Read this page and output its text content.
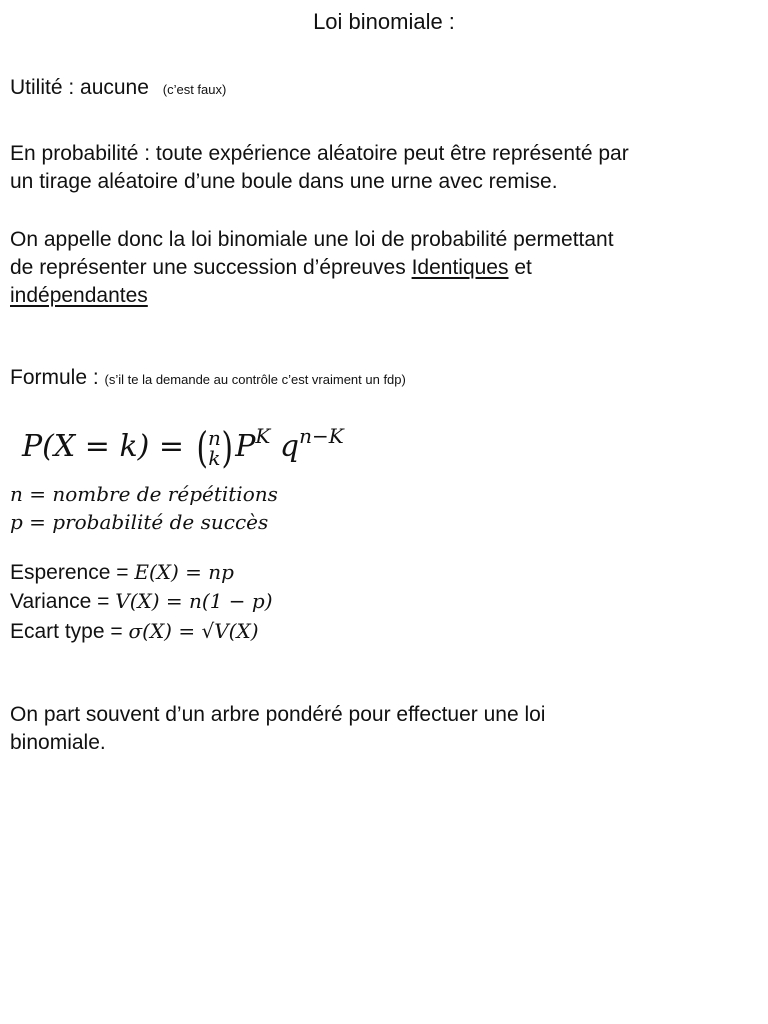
Loi binomiale :
Utilité : aucune (c’est faux)
En probabilité : toute expérience aléatoire peut être représenté par
un tirage aléatoire d’une boule dans une urne avec remise.
On appelle donc la loi binomiale une loi de probabilité permettant
de représenter une succession d’épreuves Identiques et
indépendantes
Formule : (s’il te la demande au contrôle c’est vraiment un fdp)
P(X = k) = ( n
k )$P^K$ $q^{n-K}$
n = nombre de répétitions
p = probabilité de succès
Esperence = E(X) = np
Variance = V(X) = n(1 − p)
Ecart type = σ(X) = √V(X)
On part souvent d’un arbre pondéré pour effectuer une loi
binomiale.
